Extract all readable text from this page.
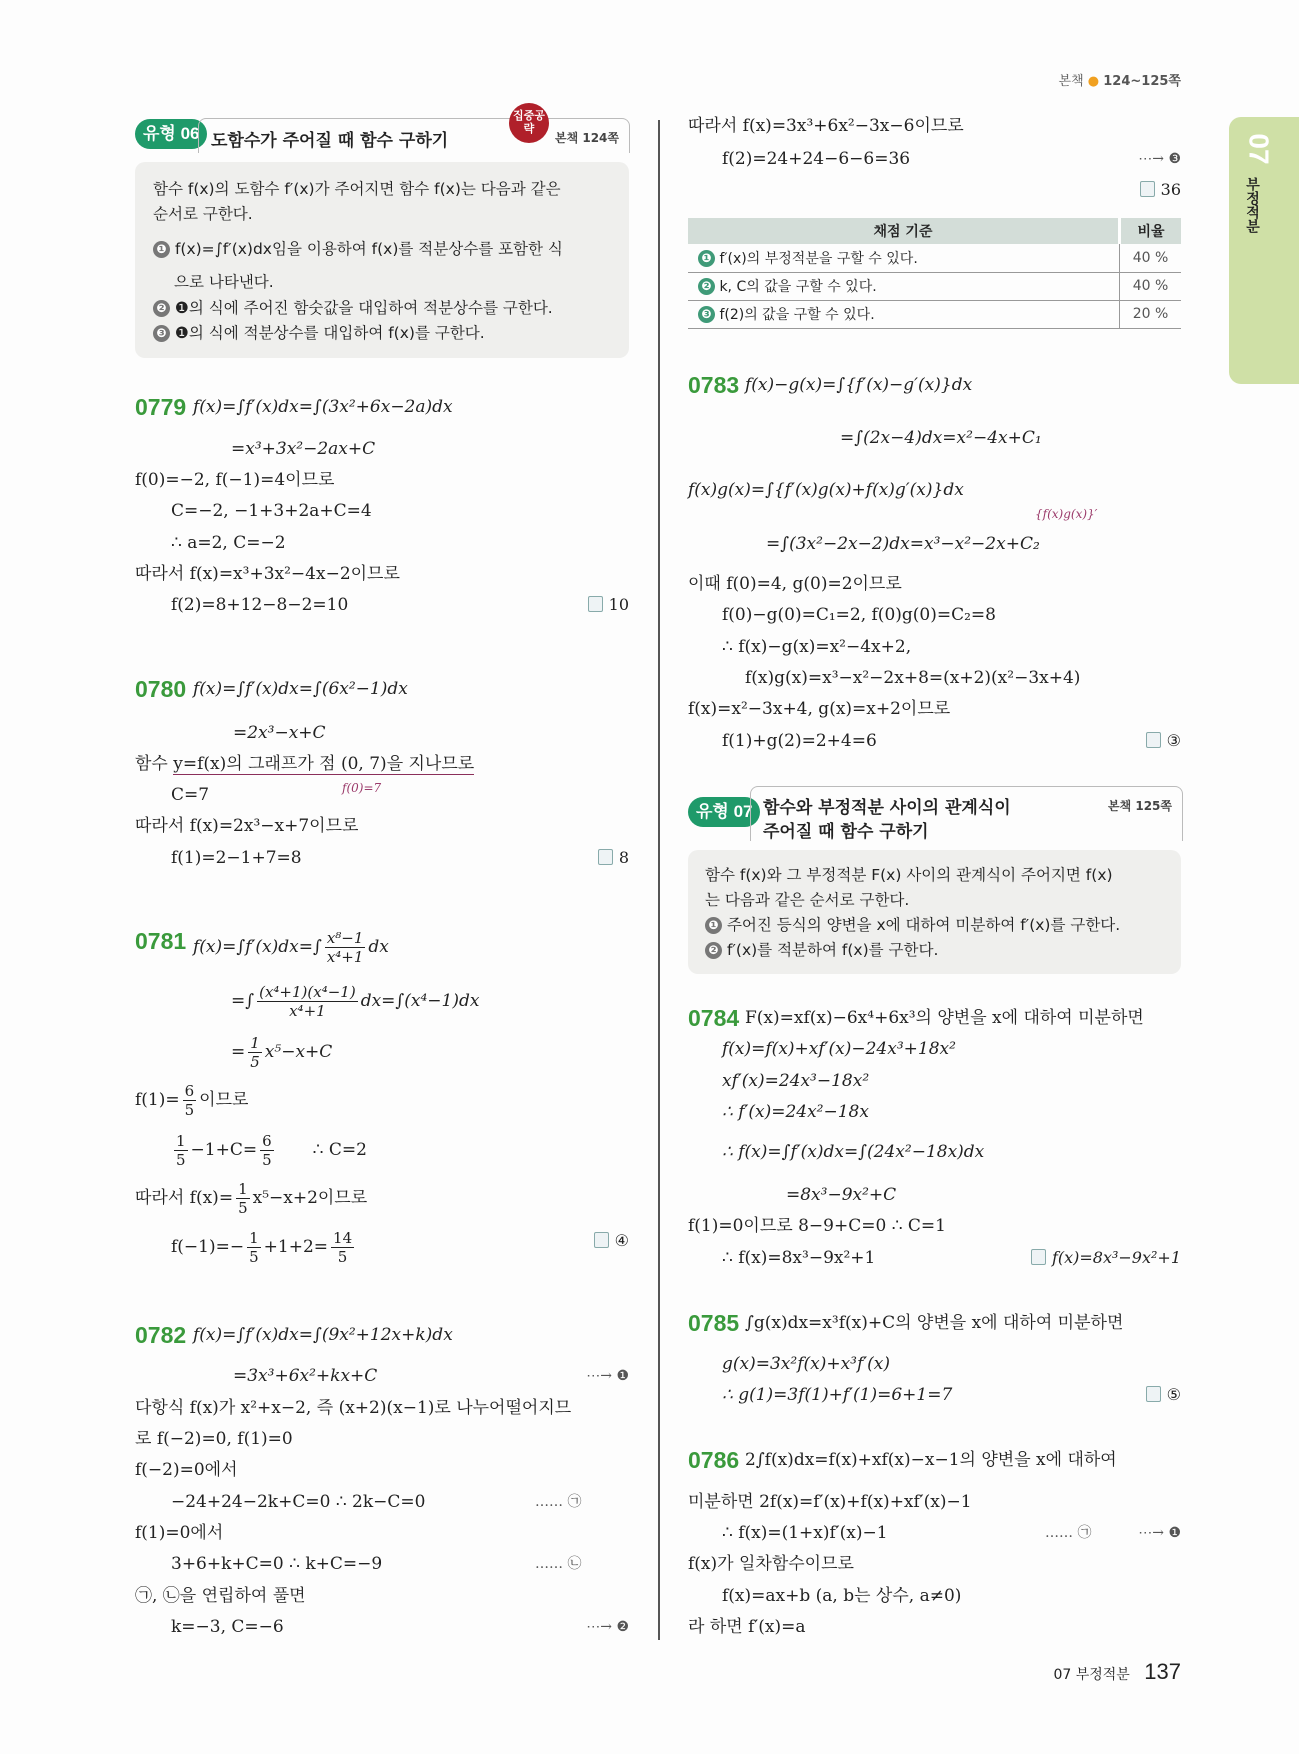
본책 ● 124~125쪽
07
부정적분
유형 06 도함수가 주어질 때 함수 구하기
집중공략
본책 124쪽
함수 f(x)의 도함수 f′(x)가 주어지면 함수 f(x)는 다음과 같은
순서로 구한다.
❶ f(x)=∫f′(x)dx임을 이용하여 f(x)를 적분상수를 포함한 식
으로 나타낸다.
❷ ❶의 식에 주어진 함숫값을 대입하여 적분상수를 구한다.
❸ ❶의 식에 적분상수를 대입하여 f(x)를 구한다.
0779 f(x)=∫f′(x)dx=∫(3x²+6x−2a)dx
=x³+3x²−2ax+C
f(0)=−2, f(−1)=4이므로
C=−2, −1+3+2a+C=4
∴ a=2, C=−2
따라서 f(x)=x³+3x²−4x−2이므로
f(2)=8+12−8−2=10	10
0780 f(x)=∫f′(x)dx=∫(6x²−1)dx
=2x³−x+C
함수 y=f(x)의 그래프가 점 (0, 7)을 지나므로
f(0)=7
C=7
따라서 f(x)=2x³−x+7이므로
f(1)=2−1+7=8	8
0781 $f(x)=\int f'(x)dx=\int \frac{\text{x⁸−1}}{\text{x⁴+1}}$ dx
=∫ $\frac{\text{(x⁴+1)(x⁴−1)}}{\text{x⁴+1}} dx=\int(x^4-1)dx$
= $\frac{1}{5} x^5-x+C$
$f(1)= \frac{6}{5}$ 이므로
$\frac{1}{5} -1+C= \frac{6}{5}$ ∴ C=2
따라서 $f(x)= \frac{1}{5} x^5-x+2$이므로
$f(-1)=- \frac{1}{5} +1+2= \frac{14}{5}$	④
0782 f(x)=∫f′(x)dx=∫(9x²+12x+k)dx
=3x³+6x²+kx+C	⋯→ ❶
다항식 f(x)가 x²+x−2, 즉 (x+2)(x−1)로 나누어떨어지므
로 f(−2)=0, f(1)=0
f(−2)=0에서
−24+24−2k+C=0 ∴ 2k−C=0	…… ㉠
f(1)=0에서
3+6+k+C=0 ∴ k+C=−9	…… ㉡
㉠, ㉡을 연립하여 풀면
k=−3, C=−6	⋯→ ❷
따라서 f(x)=3x³+6x²−3x−6이므로
f(2)=24+24−6−6=36	⋯→ ❸
36
채점 기준	비율
❶ f′(x)의 부정적분을 구할 수 있다.	40 %
❷ k, C의 값을 구할 수 있다.	40 %
❸ f(2)의 값을 구할 수 있다.	20 %
0783 f(x)−g(x)=∫{f′(x)−g′(x)}dx
=∫(2x−4)dx=x²−4x+C₁
f(x)g(x)=∫{f′(x)g(x)+f(x)g′(x)}dx
{f(x)g(x)}′
=∫(3x²−2x−2)dx=x³−x²−2x+C₂
이때 f(0)=4, g(0)=2이므로
f(0)−g(0)=C₁=2, f(0)g(0)=C₂=8
∴ f(x)−g(x)=x²−4x+2,
f(x)g(x)=x³−x²−2x+8=(x+2)(x²−3x+4)
f(x)=x²−3x+4, g(x)=x+2이므로
f(1)+g(2)=2+4=6	③
유형 07 함수와 부정적분 사이의 관계식이
주어질 때 함수 구하기
본책 125쪽
함수 f(x)와 그 부정적분 F(x) 사이의 관계식이 주어지면 f(x)
는 다음과 같은 순서로 구한다.
❶ 주어진 등식의 양변을 x에 대하여 미분하여 f′(x)를 구한다.
❷ f′(x)를 적분하여 f(x)를 구한다.
0784 F(x)=xf(x)−6x⁴+6x³의 양변을 x에 대하여 미분하면
f(x)=f(x)+xf′(x)−24x³+18x²
xf′(x)=24x³−18x²
∴ f′(x)=24x²−18x
∴ f(x)=∫f′(x)dx=∫(24x²−18x)dx
=8x³−9x²+C
f(1)=0이므로 8−9+C=0 ∴ C=1
∴ f(x)=8x³−9x²+1	f(x)=8x³−9x²+1
0785 ∫g(x)dx=x³f(x)+C의 양변을 x에 대하여 미분하면
g(x)=3x²f(x)+x³f′(x)
∴ g(1)=3f(1)+f′(1)=6+1=7	⑤
0786 2∫f(x)dx=f(x)+xf(x)−x−1의 양변을 x에 대하여
미분하면 2f(x)=f′(x)+f(x)+xf′(x)−1
∴ f(x)=(1+x)f′(x)−1	…… ㉠	⋯→ ❶
f(x)가 일차함수이므로
f(x)=ax+b (a, b는 상수, a≠0)
라 하면 f′(x)=a
07 부정적분 137
